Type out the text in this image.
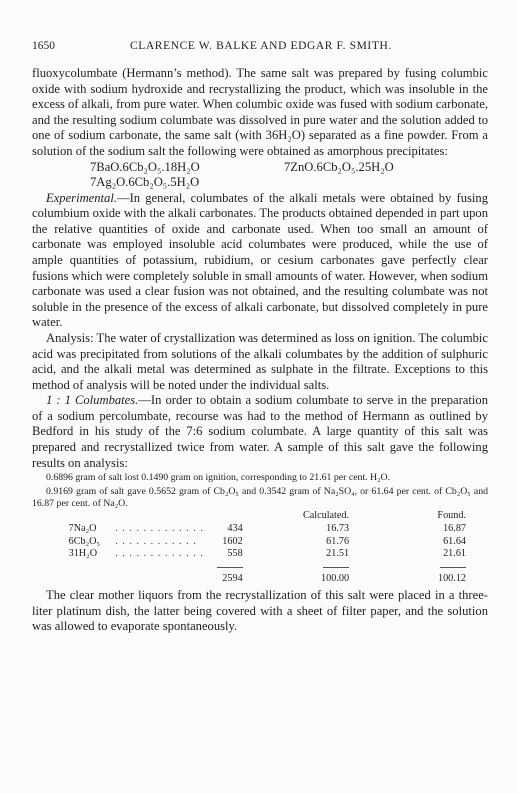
1650	CLARENCE W. BALKE AND EDGAR F. SMITH.

fluoxycolumbate (Hermann’s method). The same salt was prepared by fusing columbic oxide with sodium hydroxide and recrystallizing the product, which was insoluble in the excess of alkali, from pure water. When columbic oxide was fused with sodium carbonate, and the resulting sodium columbate was dissolved in pure water and the solution added to one of sodium carbonate, the same salt (with 36H₂O) separated as a fine powder. From a solution of the sodium salt the following were obtained as amorphous precipitates:

7BaO.6Cb₂O₅.18H₂O	7ZnO.6Cb₂O₅.25H₂O
7Ag₂O.6Cb₂O₅.5H₂O

Experimental.—In general, columbates of the alkali metals were obtained by fusing columbium oxide with the alkali carbonates. The products obtained depended in part upon the relative quantities of oxide and carbonate used. When too small an amount of carbonate was employed insoluble acid columbates were produced, while the use of ample quantities of potassium, rubidium, or cesium carbonates gave perfectly clear fusions which were completely soluble in small amounts of water. However, when sodium carbonate was used a clear fusion was not obtained, and the resulting columbate was not soluble in the presence of the excess of alkali carbonate, but dissolved completely in pure water.

Analysis: The water of crystallization was determined as loss on ignition. The columbic acid was precipitated from solutions of the alkali columbates by the addition of sulphuric acid, and the alkali metal was determined as sulphate in the filtrate. Exceptions to this method of analysis will be noted under the individual salts.

1 : 1 Columbates.—In order to obtain a sodium columbate to serve in the preparation of a sodium percolumbate, recourse was had to the method of Hermann as outlined by Bedford in his study of the 7:6 sodium columbate. A large quantity of this salt was prepared and recrystallized twice from water. A sample of this salt gave the following results on analysis:

0.6896 gram of salt lost 0.1490 gram on ignition, corresponding to 21.61 per cent. H₂O.

0.9169 gram of salt gave 0.5652 gram of Cb₂O₅ and 0.3542 gram of Na₂SO₄, or 61.64 per cent. of Cb₂O₅ and 16.87 per cent. of Na₂O.

				Calculated.	Found.
	7Na₂O	. . . . . . . . . . . . .	434	16.73	16.87
	6Cb₂O₅	. . . . . . . . . . . .	1602	61.76	61.64
	31H₂O	. . . . . . . . . . . . .	558	21.51	21.61

			2594	100.00	100.12

The clear mother liquors from the recrystallization of this salt were placed in a three-liter platinum dish, the latter being covered with a sheet of filter paper, and the solution was allowed to evaporate spontaneously.
